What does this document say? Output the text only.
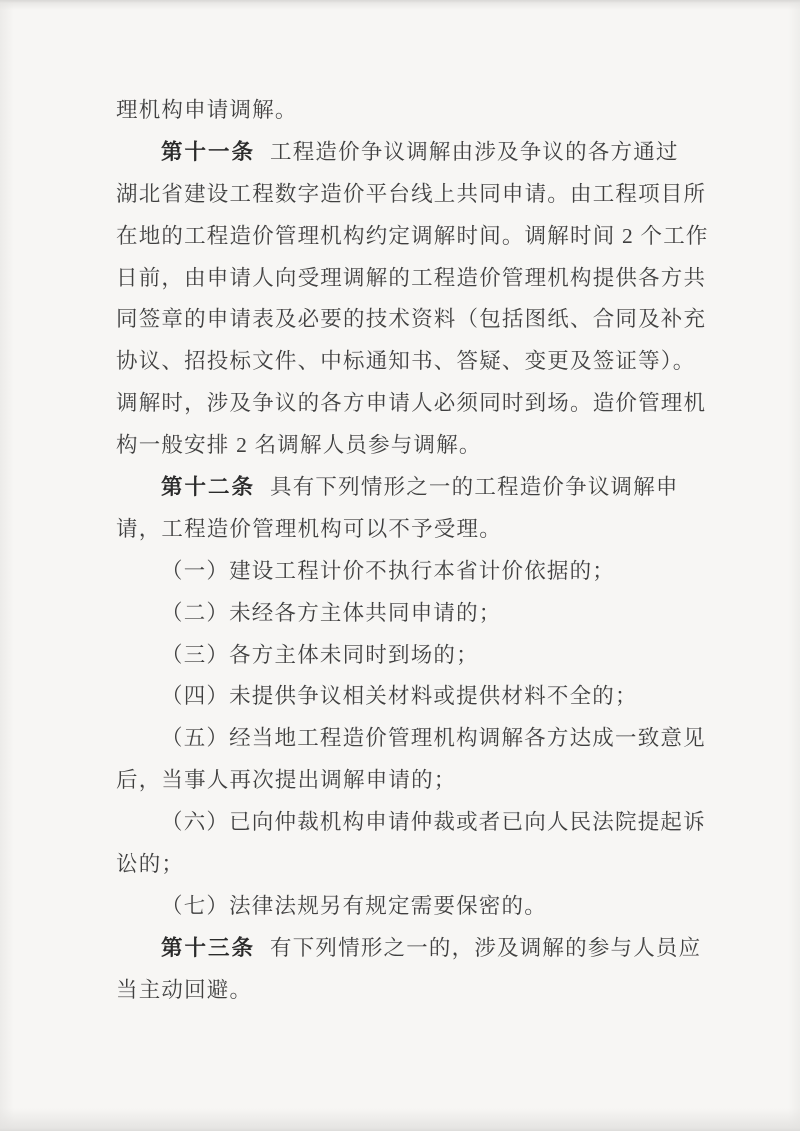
理机构申请调解。
第十一条 工程造价争议调解由涉及争议的各方通过
湖北省建设工程数字造价平台线上共同申请。由工程项目所
在地的工程造价管理机构约定调解时间。调解时间 2 个工作
日前，由申请人向受理调解的工程造价管理机构提供各方共
同签章的申请表及必要的技术资料（包括图纸、合同及补充
协议、招投标文件、中标通知书、答疑、变更及签证等）。
调解时，涉及争议的各方申请人必须同时到场。造价管理机
构一般安排 2 名调解人员参与调解。
第十二条 具有下列情形之一的工程造价争议调解申
请，工程造价管理机构可以不予受理。
（一）建设工程计价不执行本省计价依据的；
（二）未经各方主体共同申请的；
（三）各方主体未同时到场的；
（四）未提供争议相关材料或提供材料不全的；
（五）经当地工程造价管理机构调解各方达成一致意见
后，当事人再次提出调解申请的；
（六）已向仲裁机构申请仲裁或者已向人民法院提起诉
讼的；
（七）法律法规另有规定需要保密的。
第十三条 有下列情形之一的，涉及调解的参与人员应
当主动回避。
